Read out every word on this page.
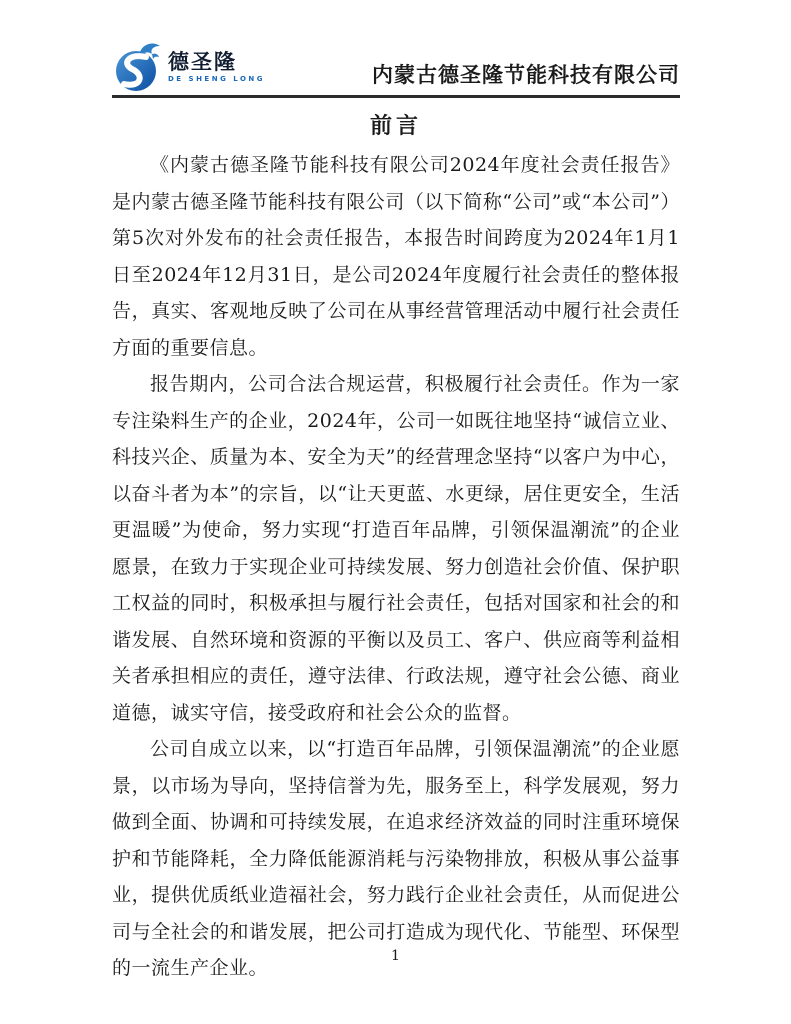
德圣隆
DE SHENG LONG	内蒙古德圣隆节能科技有限公司
前言

《内蒙古德圣隆节能科技有限公司2024年度社会责任报告》是内蒙古德圣隆节能科技有限公司（以下简称“公司”或“本公司”）第5次对外发布的社会责任报告，本报告时间跨度为2024年1月1日至2024年12月31日，是公司2024年度履行社会责任的整体报告，真实、客观地反映了公司在从事经营管理活动中履行社会责任方面的重要信息。

报告期内，公司合法合规运营，积极履行社会责任。作为一家专注染料生产的企业，2024年，公司一如既往地坚持“诚信立业、科技兴企、质量为本、安全为天”的经营理念坚持“以客户为中心，以奋斗者为本”的宗旨，以“让天更蓝、水更绿，居住更安全，生活更温暖”为使命，努力实现“打造百年品牌，引领保温潮流”的企业愿景，在致力于实现企业可持续发展、努力创造社会价值、保护职工权益的同时，积极承担与履行社会责任，包括对国家和社会的和谐发展、自然环境和资源的平衡以及员工、客户、供应商等利益相关者承担相应的责任，遵守法律、行政法规，遵守社会公德、商业道德，诚实守信，接受政府和社会公众的监督。

公司自成立以来，以“打造百年品牌，引领保温潮流”的企业愿景，以市场为导向，坚持信誉为先，服务至上，科学发展观，努力做到全面、协调和可持续发展，在追求经济效益的同时注重环境保护和节能降耗，全力降低能源消耗与污染物排放，积极从事公益事业，提供优质纸业造福社会，努力践行企业社会责任，从而促进公司与全社会的和谐发展，把公司打造成为现代化、节能型、环保型的一流生产企业。

1
